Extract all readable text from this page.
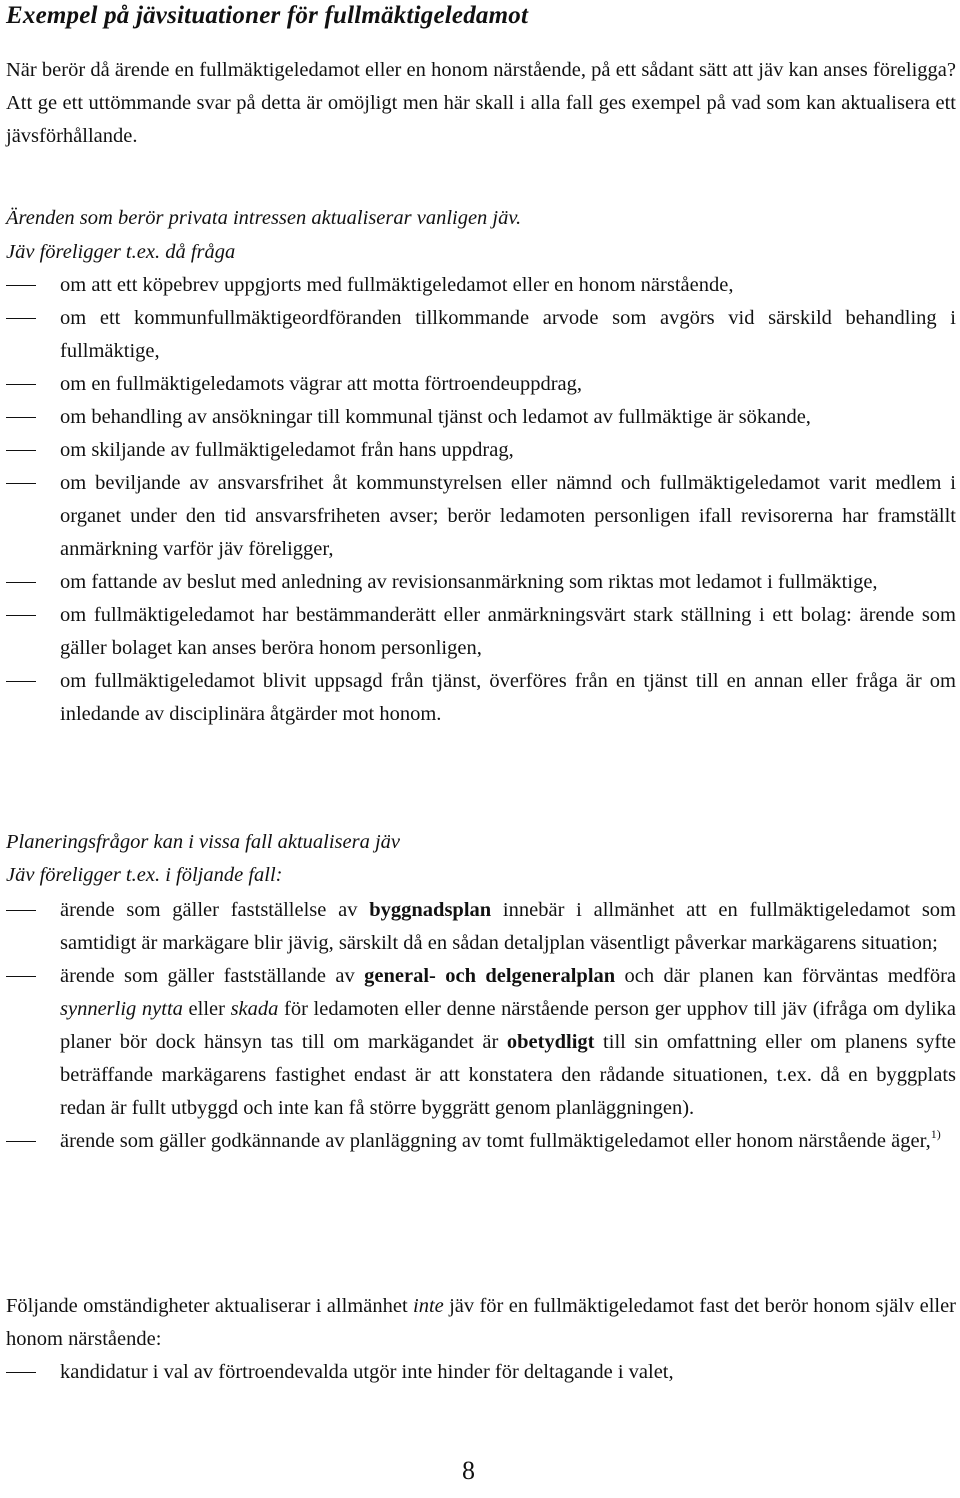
Exempel på jävsituationer för fullmäktigeledamot

När berör då ärende en fullmäktigeledamot eller en honom närstående, på ett sådant sätt att jäv kan anses föreligga? Att ge ett uttömmande svar på detta är omöjligt men här skall i alla fall ges exempel på vad som kan aktualisera ett jävsförhållande.

Ärenden som berör privata intressen aktualiserar vanligen jäv.
Jäv föreligger t.ex. då fråga
om att ett köpebrev uppgjorts med fullmäktigeledamot eller en honom närstående,
om ett kommunfullmäktigeordföranden tillkommande arvode som avgörs vid särskild behandling i fullmäktige,
om en fullmäktigeledamots vägrar att motta förtroendeuppdrag,
om behandling av ansökningar till kommunal tjänst och ledamot av fullmäktige är sökande,
om skiljande av fullmäktigeledamot från hans uppdrag,
om beviljande av ansvarsfrihet åt kommunstyrelsen eller nämnd och fullmäktigeledamot varit medlem i organet under den tid ansvarsfriheten avser; berör ledamoten personligen ifall revisorerna har framställt anmärkning varför jäv föreligger,
om fattande av beslut med anledning av revisionsanmärkning som riktas mot ledamot i fullmäktige,
om fullmäktigeledamot har bestämmanderätt eller anmärkningsvärt stark ställning i ett bolag: ärende som gäller bolaget kan anses beröra honom personligen,
om fullmäktigeledamot blivit uppsagd från tjänst, överföres från en tjänst till en annan eller fråga är om inledande av disciplinära åtgärder mot honom.
Planeringsfrågor kan i vissa fall aktualisera jäv
Jäv föreligger t.ex. i följande fall:
ärende som gäller fastställelse av byggnadsplan innebär i allmänhet att en fullmäktigeledamot som samtidigt är markägare blir jävig, särskilt då en sådan detaljplan väsentligt påverkar markägarens situation;
ärende som gäller fastställande av general- och delgeneralplan och där planen kan förväntas medföra synnerlig nytta eller skada för ledamoten eller denne närstående person ger upphov till jäv (ifråga om dylika planer bör dock hänsyn tas till om markägandet är obetydligt till sin omfattning eller om planens syfte beträffande markägarens fastighet endast är att konstatera den rådande situationen, t.ex. då en byggplats redan är fullt utbyggd och inte kan få större byggrätt genom planläggningen).
ärende som gäller godkännande av planläggning av tomt fullmäktigeledamot eller honom närstående äger,$^{1)}$

Följande omständigheter aktualiserar i allmänhet inte jäv för en fullmäktigeledamot fast det berör honom själv eller honom närstående:

kandidatur i val av förtroendevalda utgör inte hinder för deltagande i valet,
8
